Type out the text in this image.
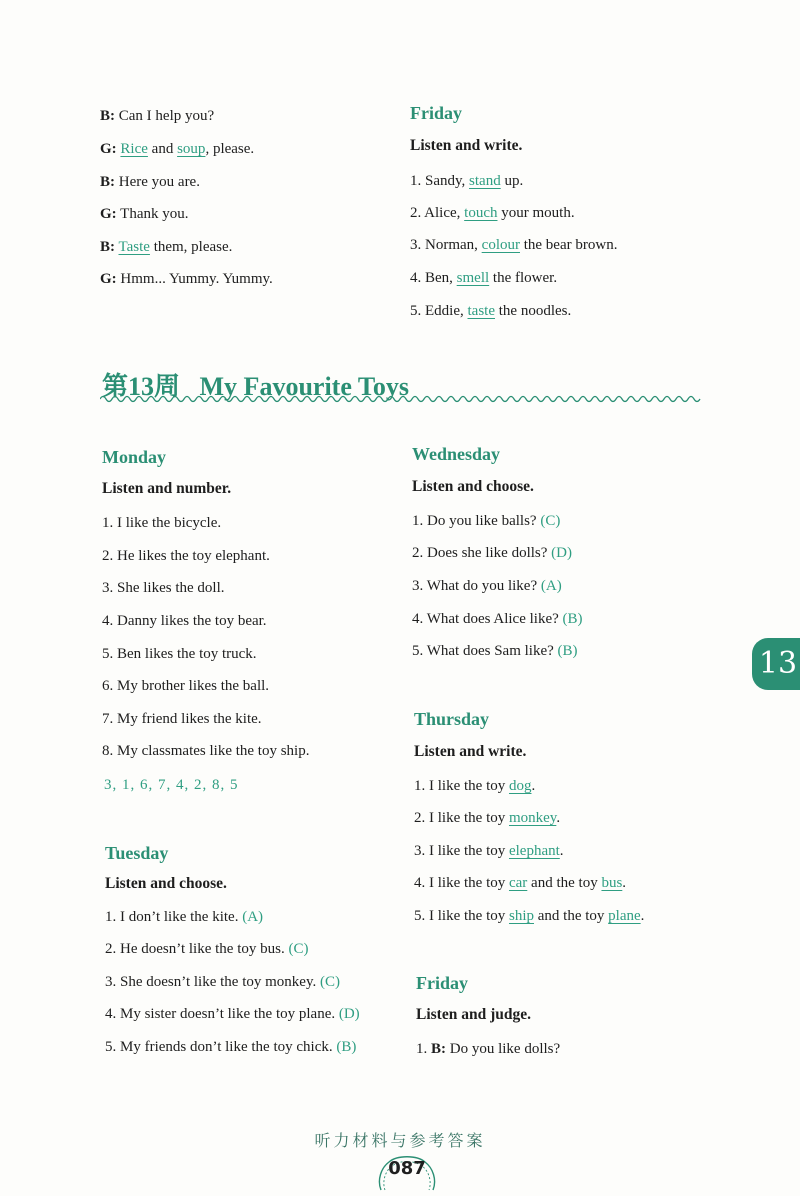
B: Can I help you?
G: Rice and soup, please.
B: Here you are.
G: Thank you.
B: Taste them, please.
G: Hmm... Yummy. Yummy.
Friday
Listen and write.
1. Sandy, stand up.
2. Alice, touch your mouth.
3. Norman, colour the bear brown.
4. Ben, smell the flower.
5. Eddie, taste the noodles.
第13周 My Favourite Toys
Monday
Listen and number.
1. I like the bicycle.
2. He likes the toy elephant.
3. She likes the doll.
4. Danny likes the toy bear.
5. Ben likes the toy truck.
6. My brother likes the ball.
7. My friend likes the kite.
8. My classmates like the toy ship.
3, 1, 6, 7, 4, 2, 8, 5
Tuesday
Listen and choose.
1. I don’t like the kite. (A)
2. He doesn’t like the toy bus. (C)
3. She doesn’t like the toy monkey. (C)
4. My sister doesn’t like the toy plane. (D)
5. My friends don’t like the toy chick. (B)
Wednesday
Listen and choose.
1. Do you like balls? (C)
2. Does she like dolls? (D)
3. What do you like? (A)
4. What does Alice like? (B)
5. What does Sam like? (B)
Thursday
Listen and write.
1. I like the toy dog.
2. I like the toy monkey.
3. I like the toy elephant.
4. I like the toy car and the toy bus.
5. I like the toy ship and the toy plane.
Friday
Listen and judge.
1. B: Do you like dolls?
13
听力材料与参考答案
087
